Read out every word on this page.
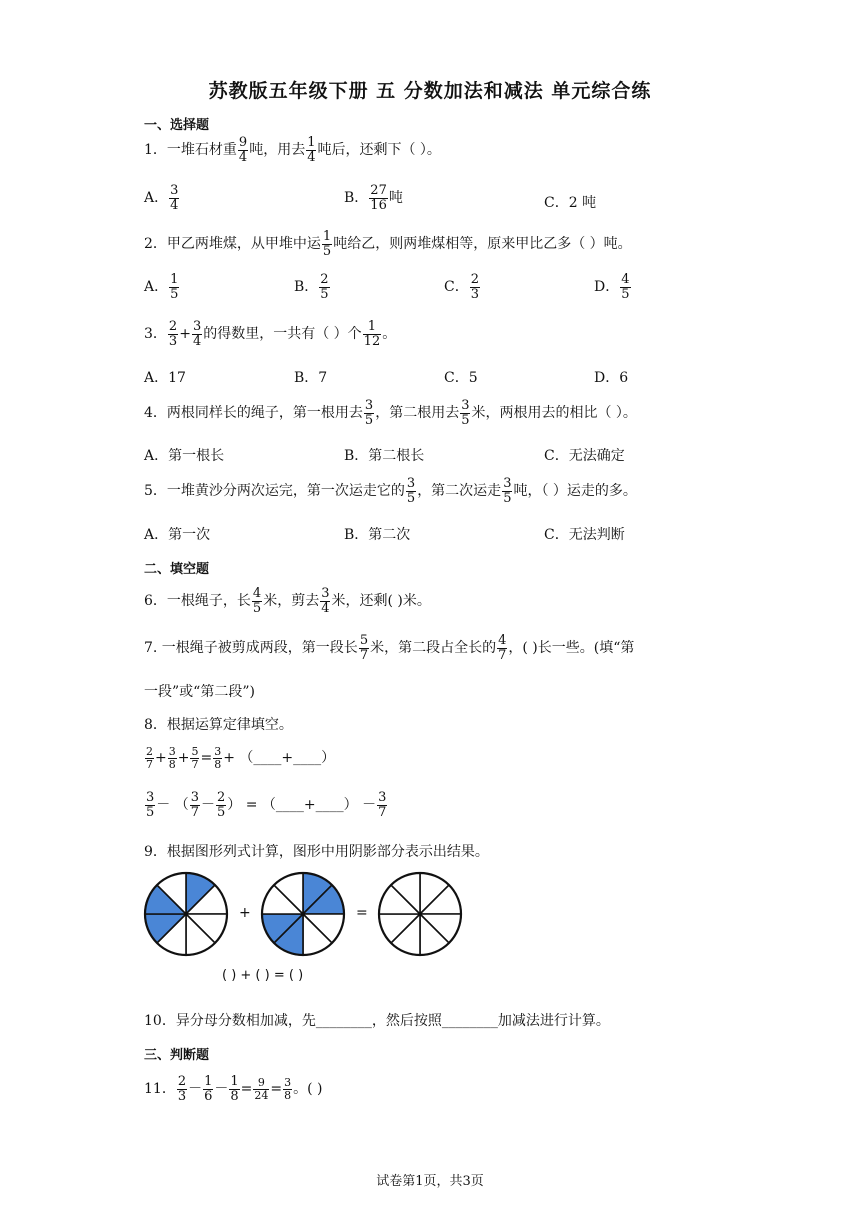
苏教版五年级下册 五 分数加法和减法 单元综合练
一、选择题
1．一堆石材重 $\frac{9}{4}$ 吨，用去 $\frac{1}{4}$ 吨后，还剩下（ ）。
A． $\frac{3}{4}$	B． $\frac{27}{16}$ 吨	C．2 吨
2．甲乙两堆煤，从甲堆中运 $\frac{1}{5}$ 吨给乙，则两堆煤相等，原来甲比乙多（ ）吨。
A． $\frac{1}{5}$	B． $\frac{2}{5}$	C． $\frac{2}{3}$	D． $\frac{4}{5}$
3． $\frac{2}{3} + \frac{3}{4}$ 的得数里，一共有（ ）个 $\frac{1}{12}$ 。
A．17	B．7	C．5	D．6
4．两根同样长的绳子，第一根用去 $\frac{3}{5}$ ，第二根用去 $\frac{3}{5}$ 米，两根用去的相比（ ）。
A．第一根长	B．第二根长	C．无法确定
5．一堆黄沙分两次运完，第一次运走它的 $\frac{3}{5}$ ，第二次运走 $\frac{3}{5}$ 吨，（ ）运走的多。
A．第一次	B．第二次	C．无法判断
二、填空题
6．一根绳子，长 $\frac{4}{5}$ 米，剪去 $\frac{3}{4}$ 米，还剩( )米。
7. 一根绳子被剪成两段，第一段长 $\frac{5}{7}$ 米，第二段占全长的 $\frac{4}{7}$ ，( )长一些。(填“第
一段”或“第二段”)
8．根据运算定律填空。
$\frac{2}{7} + \frac{3}{8} + \frac{5}{7} = \frac{3}{8}$ + （____+____）
$\frac{3}{5}$ － （ $\frac{3}{7} - \frac{2}{5}$ ） = （____+____） － $\frac{3}{7}$
9．根据图形列式计算，图形中用阴影部分表示出结果。
+	=
( ) + ( ) = ( )
10．异分母分数相加减，先________，然后按照________加减法进行计算。
三、判断题
11． $\frac{2}{3} - \frac{1}{6} - \frac{1}{8} = \frac{9}{24} = \frac{3}{8}$ 。( )
试卷第1页，共3页
